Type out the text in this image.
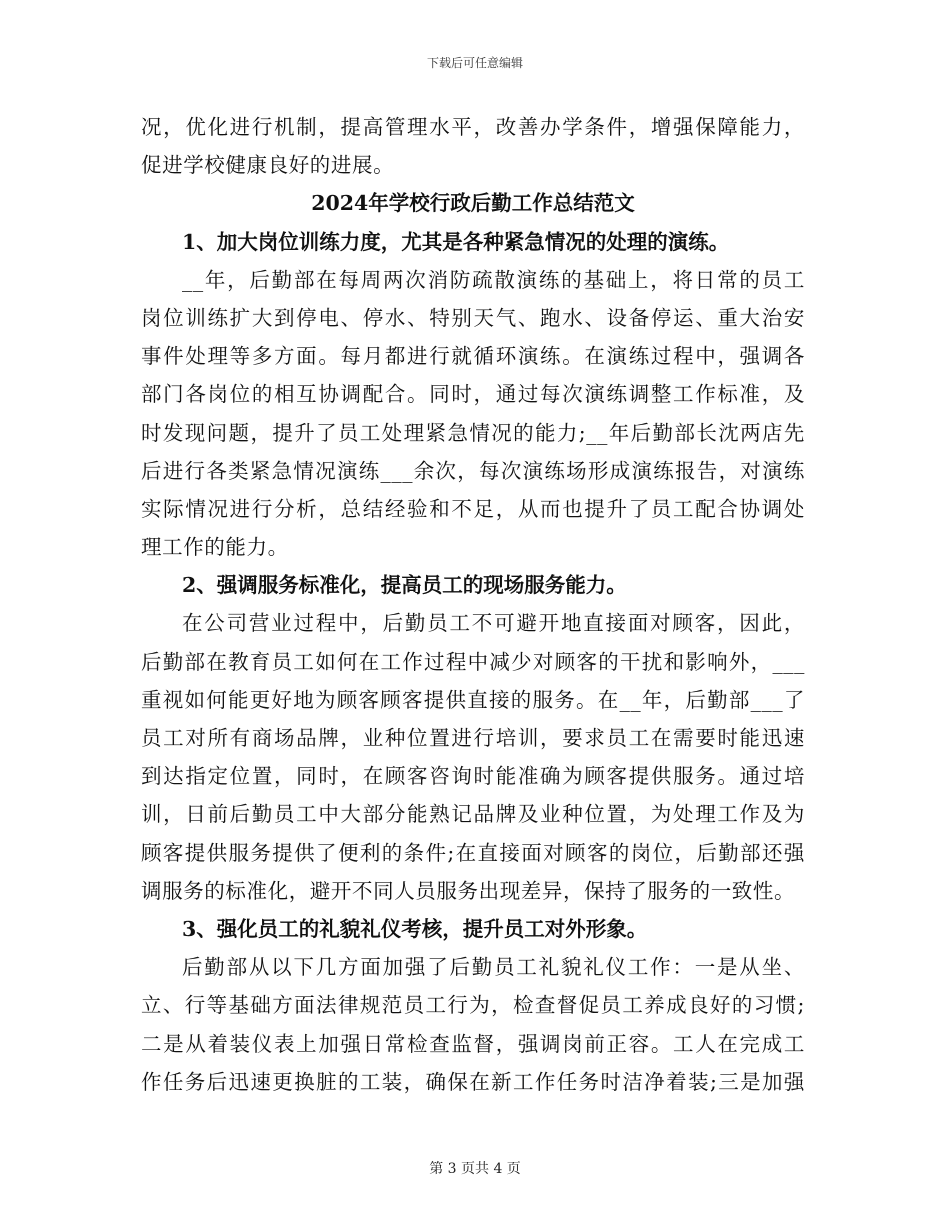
下载后可任意编辑
况，优化进行机制，提高管理水平，改善办学条件，增强保障能力，
促进学校健康良好的进展。
2024年学校行政后勤工作总结范文
1、加大岗位训练力度，尤其是各种紧急情况的处理的演练。
__年，后勤部在每周两次消防疏散演练的基础上，将日常的员工
岗位训练扩大到停电、停水、特别天气、跑水、设备停运、重大治安
事件处理等多方面。每月都进行就循环演练。在演练过程中，强调各
部门各岗位的相互协调配合。同时，通过每次演练调整工作标准，及
时发现问题，提升了员工处理紧急情况的能力;__年后勤部长沈两店先
后进行各类紧急情况演练___余次，每次演练场形成演练报告，对演练
实际情况进行分析，总结经验和不足，从而也提升了员工配合协调处
理工作的能力。
2、强调服务标准化，提高员工的现场服务能力。
在公司营业过程中，后勤员工不可避开地直接面对顾客，因此，
后勤部在教育员工如何在工作过程中减少对顾客的干扰和影响外，___
重视如何能更好地为顾客顾客提供直接的服务。在__年，后勤部___了
员工对所有商场品牌，业种位置进行培训，要求员工在需要时能迅速
到达指定位置，同时，在顾客咨询时能准确为顾客提供服务。通过培
训，日前后勤员工中大部分能熟记品牌及业种位置，为处理工作及为
顾客提供服务提供了便利的条件;在直接面对顾客的岗位，后勤部还强
调服务的标准化，避开不同人员服务出现差异，保持了服务的一致性。
3、强化员工的礼貌礼仪考核，提升员工对外形象。
后勤部从以下几方面加强了后勤员工礼貌礼仪工作：一是从坐、
立、行等基础方面法律规范员工行为，检查督促员工养成良好的习惯;
二是从着装仪表上加强日常检查监督，强调岗前正容。工人在完成工
作任务后迅速更换脏的工装，确保在新工作任务时洁净着装;三是加强
第 3 页共 4 页
